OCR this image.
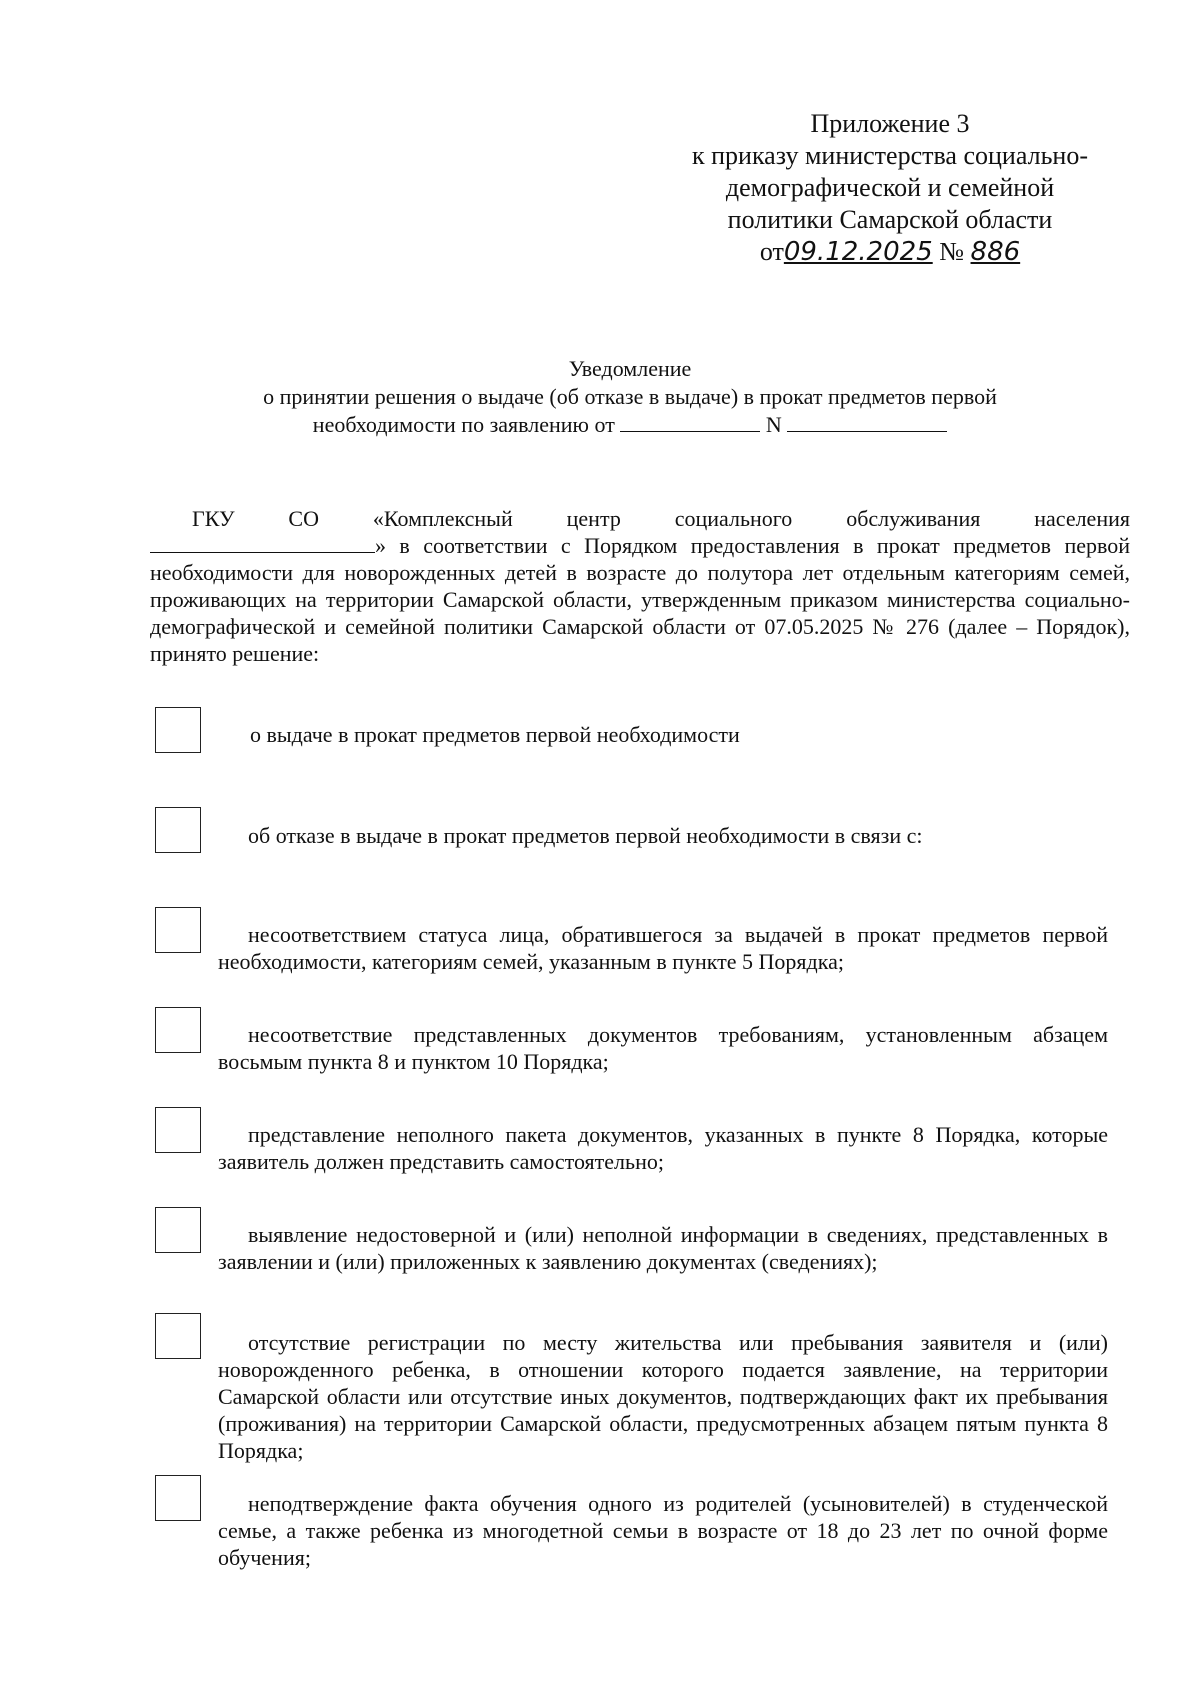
Приложение 3
к приказу министерства социально-
демографической и семейной
политики Самарской области
от09.12.2025 № 886
Уведомление
о принятии решения о выдаче (об отказе в выдаче) в прокат предметов первой
необходимости по заявлению от	N
ГКУ СО «Комплексный центр социального обслуживания населения
» в соответствии с Порядком предоставления в прокат предметов первой необходимости для новорожденных детей в возрасте до полутора лет отдельным категориям семей, проживающих на территории Самарской области, утвержденным приказом министерства социально-демографической и семейной политики Самарской области от 07.05.2025 № 276 (далее – Порядок), принято решение:
о выдаче в прокат предметов первой необходимости
об отказе в выдаче в прокат предметов первой необходимости в связи с:
несоответствием статуса лица, обратившегося за выдачей в прокат предметов первой необходимости, категориям семей, указанным в пункте 5 Порядка;
несоответствие представленных документов требованиям, установленным абзацем восьмым пункта 8 и пунктом 10 Порядка;
представление неполного пакета документов, указанных в пункте 8 Порядка, которые заявитель должен представить самостоятельно;
выявление недостоверной и (или) неполной информации в сведениях, представленных в заявлении и (или) приложенных к заявлению документах (сведениях);
отсутствие регистрации по месту жительства или пребывания заявителя и (или) новорожденного ребенка, в отношении которого подается заявление, на территории Самарской области или отсутствие иных документов, подтверждающих факт их пребывания (проживания) на территории Самарской области, предусмотренных абзацем пятым пункта 8 Порядка;
неподтверждение факта обучения одного из родителей (усыновителей) в студенческой семье, а также ребенка из многодетной семьи в возрасте от 18 до 23 лет по очной форме обучения;
